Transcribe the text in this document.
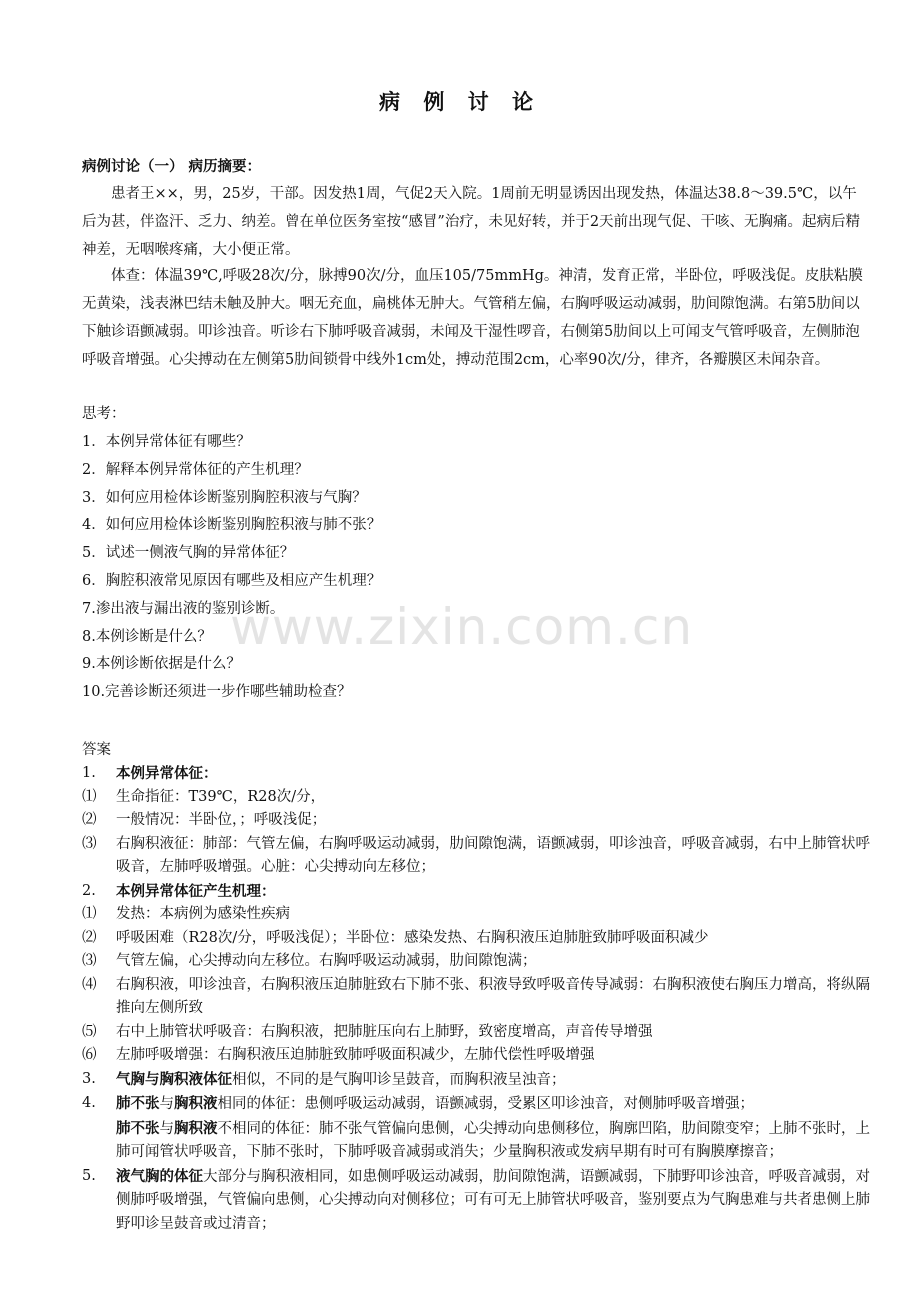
病 例 讨 论
病例讨论（一） 病历摘要：

患者王××，男，25岁，干部。因发热1周，气促2天入院。1周前无明显诱因出现发热，体温达38.8～39.5℃，以午后为甚，伴盗汗、乏力、纳差。曾在单位医务室按“感冒”治疗，未见好转，并于2天前出现气促、干咳、无胸痛。起病后精神差，无咽喉疼痛，大小便正常。

体查：体温39℃,呼吸28次/分，脉搏90次/分，血压105/75mmHg。神清，发育正常，半卧位，呼吸浅促。皮肤粘膜无黄染，浅表淋巴结未触及肿大。咽无充血，扁桃体无肿大。气管稍左偏，右胸呼吸运动减弱，肋间隙饱满。右第5肋间以下触诊语颤减弱。叩诊浊音。听诊右下肺呼吸音减弱，未闻及干湿性啰音，右侧第5肋间以上可闻支气管呼吸音，左侧肺泡呼吸音增强。心尖搏动在左侧第5肋间锁骨中线外1cm处，搏动范围2cm，心率90次/分，律齐，各瓣膜区未闻杂音。

思考：
1．本例异常体征有哪些？
2．解释本例异常体征的产生机理？
3．如何应用检体诊断鉴别胸腔积液与气胸？
4．如何应用检体诊断鉴别胸腔积液与肺不张？
5．试述一侧液气胸的异常体征？
6．胸腔积液常见原因有哪些及相应产生机理？
7.渗出液与漏出液的鉴别诊断。
8.本例诊断是什么？
9.本例诊断依据是什么？
10.完善诊断还须进一步作哪些辅助检查？
答案
1.	本例异常体征：
⑴	生命指征：T39℃，R28次/分，
⑵	一般情况：半卧位，；呼吸浅促；
⑶	右胸积液征：肺部：气管左偏，右胸呼吸运动减弱，肋间隙饱满，语颤减弱，叩诊浊音，呼吸音减弱，右中上肺管状呼吸音，左肺呼吸增强。心脏：心尖搏动向左移位；
2.	本例异常体征产生机理：
⑴	发热：本病例为感染性疾病
⑵	呼吸困难（R28次/分，呼吸浅促）；半卧位：感染发热、右胸积液压迫肺脏致肺呼吸面积减少
⑶	气管左偏，心尖搏动向左移位。右胸呼吸运动减弱，肋间隙饱满；
⑷	右胸积液，叩诊浊音，右胸积液压迫肺脏致右下肺不张、积液导致呼吸音传导减弱：右胸积液使右胸压力增高，将纵隔推向左侧所致
⑸	右中上肺管状呼吸音：右胸积液，把肺脏压向右上肺野，致密度增高，声音传导增强
⑹	左肺呼吸增强：右胸积液压迫肺脏致肺呼吸面积减少，左肺代偿性呼吸增强
3.	气胸与胸积液体征相似，不同的是气胸叩诊呈鼓音，而胸积液呈浊音；
4.	肺不张与胸积液相同的体征：患侧呼吸运动减弱，语颤减弱，受累区叩诊浊音，对侧肺呼吸音增强；
肺不张与胸积液不相同的体征：肺不张气管偏向患侧，心尖搏动向患侧移位，胸廓凹陷，肋间隙变窄；上肺不张时，上肺可闻管状呼吸音，下肺不张时，下肺呼吸音减弱或消失；少量胸积液或发病早期有时可有胸膜摩擦音；
5.	液气胸的体征大部分与胸积液相同，如患侧呼吸运动减弱，肋间隙饱满，语颤减弱，下肺野叩诊浊音，呼吸音减弱，对侧肺呼吸增强，气管偏向患侧，心尖搏动向对侧移位；可有可无上肺管状呼吸音，鉴别要点为气胸患难与共者患侧上肺野叩诊呈鼓音或过清音；
www.zixin.com.cn
